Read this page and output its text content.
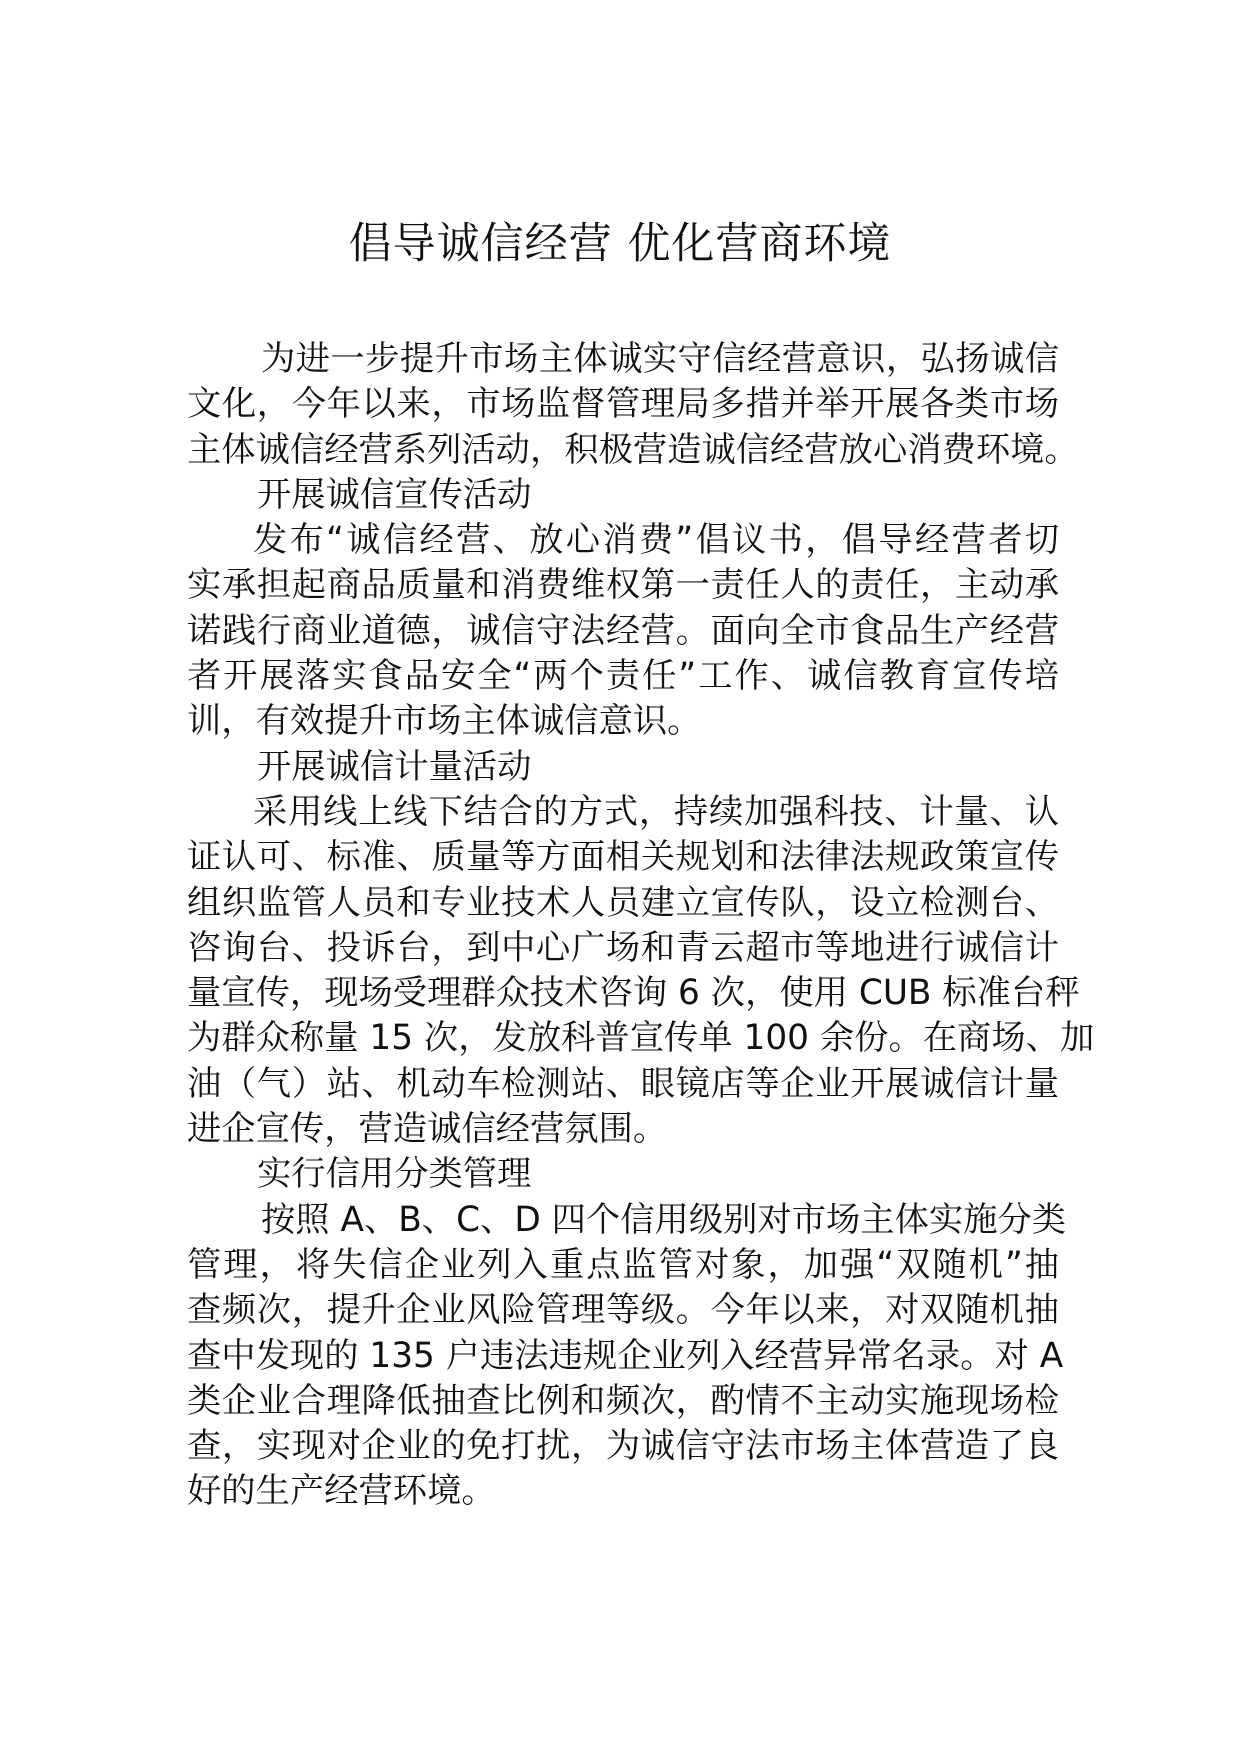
倡导诚信经营 优化营商环境
为进一步提升市场主体诚实守信经营意识，弘扬诚信
文化，今年以来，市场监督管理局多措并举开展各类市场
主体诚信经营系列活动，积极营造诚信经营放心消费环境。
开展诚信宣传活动
发布“诚信经营、放心消费”倡议书，倡导经营者切
实承担起商品质量和消费维权第一责任人的责任，主动承
诺践行商业道德，诚信守法经营。面向全市食品生产经营
者开展落实食品安全“两个责任”工作、诚信教育宣传培
训，有效提升市场主体诚信意识。
开展诚信计量活动
采用线上线下结合的方式，持续加强科技、计量、认
证认可、标准、质量等方面相关规划和法律法规政策宣传
组织监管人员和专业技术人员建立宣传队，设立检测台、
咨询台、投诉台，到中心广场和青云超市等地进行诚信计
量宣传，现场受理群众技术咨询 6 次，使用 CUB 标准台秤
为群众称量 15 次，发放科普宣传单 100 余份。在商场、加
油（气）站、机动车检测站、眼镜店等企业开展诚信计量
进企宣传，营造诚信经营氛围。
实行信用分类管理
按照 A、B、C、D 四个信用级别对市场主体实施分类
管理，将失信企业列入重点监管对象，加强“双随机”抽
查频次，提升企业风险管理等级。今年以来，对双随机抽
查中发现的 135 户违法违规企业列入经营异常名录。对 A
类企业合理降低抽查比例和频次，酌情不主动实施现场检
查，实现对企业的免打扰，为诚信守法市场主体营造了良
好的生产经营环境。
